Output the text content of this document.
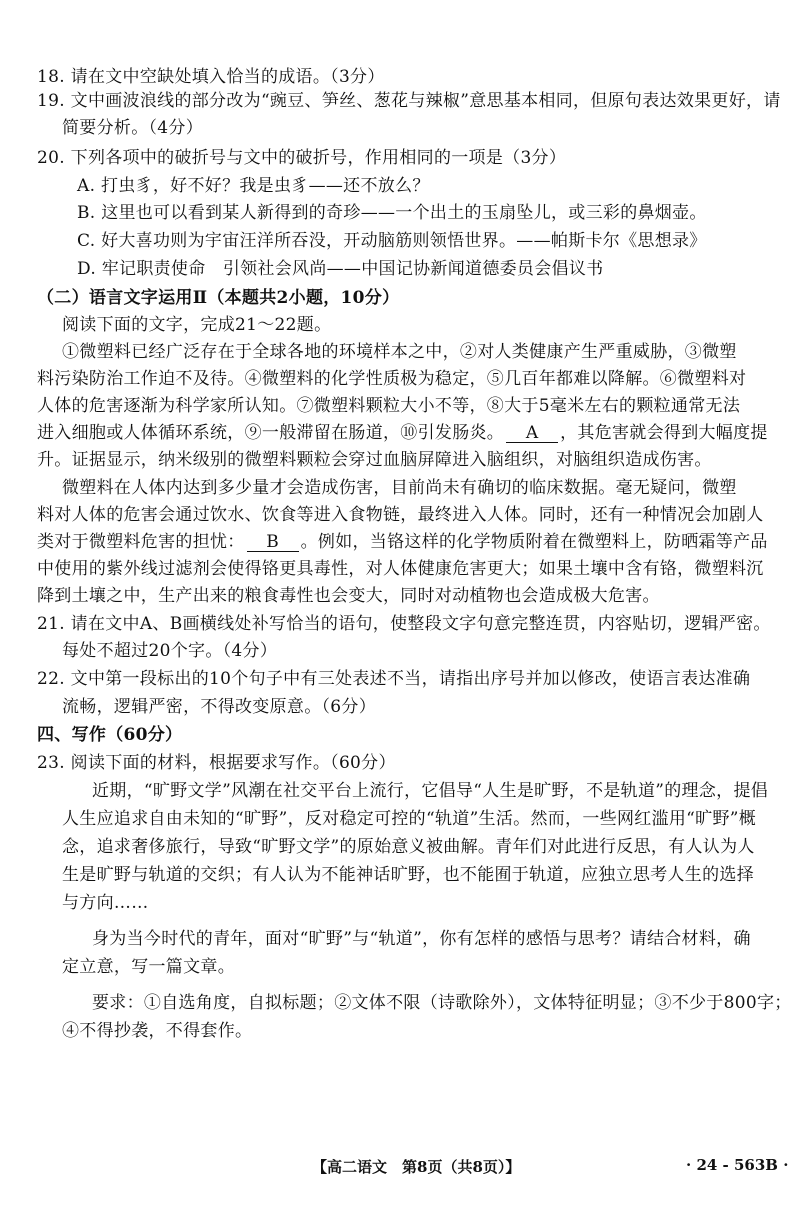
18. 请在文中空缺处填入恰当的成语。（3分）
19. 文中画波浪线的部分改为“豌豆、笋丝、葱花与辣椒”意思基本相同，但原句表达效果更好，请
简要分析。（4分）
20. 下列各项中的破折号与文中的破折号，作用相同的一项是（3分）
A. 打虫豸，好不好？我是虫豸——还不放么？
B. 这里也可以看到某人新得到的奇珍——一个出土的玉扇坠儿，或三彩的鼻烟壶。
C. 好大喜功则为宇宙汪洋所吞没，开动脑筋则领悟世界。——帕斯卡尔《思想录》
D. 牢记职责使命　引领社会风尚——中国记协新闻道德委员会倡议书
（二）语言文字运用Ⅱ（本题共2小题，10分）
阅读下面的文字，完成21～22题。
①微塑料已经广泛存在于全球各地的环境样本之中，②对人类健康产生严重威胁，③微塑
料污染防治工作迫不及待。④微塑料的化学性质极为稳定，⑤几百年都难以降解。⑥微塑料对
人体的危害逐渐为科学家所认知。⑦微塑料颗粒大小不等，⑧大于5毫米左右的颗粒通常无法
进入细胞或人体循环系统，⑨一般滞留在肠道，⑩引发肠炎。 A ，其危害就会得到大幅度提
升。证据显示，纳米级别的微塑料颗粒会穿过血脑屏障进入脑组织，对脑组织造成伤害。
微塑料在人体内达到多少量才会造成伤害，目前尚未有确切的临床数据。毫无疑问，微塑
料对人体的危害会通过饮水、饮食等进入食物链，最终进入人体。同时，还有一种情况会加剧人
类对于微塑料危害的担忧： B 。例如，当铬这样的化学物质附着在微塑料上，防晒霜等产品
中使用的紫外线过滤剂会使得铬更具毒性，对人体健康危害更大；如果土壤中含有铬，微塑料沉
降到土壤之中，生产出来的粮食毒性也会变大，同时对动植物也会造成极大危害。
21. 请在文中A、B画横线处补写恰当的语句，使整段文字句意完整连贯，内容贴切，逻辑严密。
每处不超过20个字。（4分）
22. 文中第一段标出的10个句子中有三处表述不当，请指出序号并加以修改，使语言表达准确
流畅，逻辑严密，不得改变原意。（6分）
四、写作（60分）
23. 阅读下面的材料，根据要求写作。（60分）
近期，“旷野文学”风潮在社交平台上流行，它倡导“人生是旷野，不是轨道”的理念，提倡
人生应追求自由未知的“旷野”，反对稳定可控的“轨道”生活。然而，一些网红滥用“旷野”概
念，追求奢侈旅行，导致“旷野文学”的原始意义被曲解。青年们对此进行反思，有人认为人
生是旷野与轨道的交织；有人认为不能神话旷野，也不能囿于轨道，应独立思考人生的选择
与方向……
身为当今时代的青年，面对“旷野”与“轨道”，你有怎样的感悟与思考？请结合材料，确
定立意，写一篇文章。
要求：①自选角度，自拟标题；②文体不限（诗歌除外），文体特征明显；③不少于800字；
④不得抄袭，不得套作。
【高二语文　第8页（共8页）】	· 24 - 563B ·
